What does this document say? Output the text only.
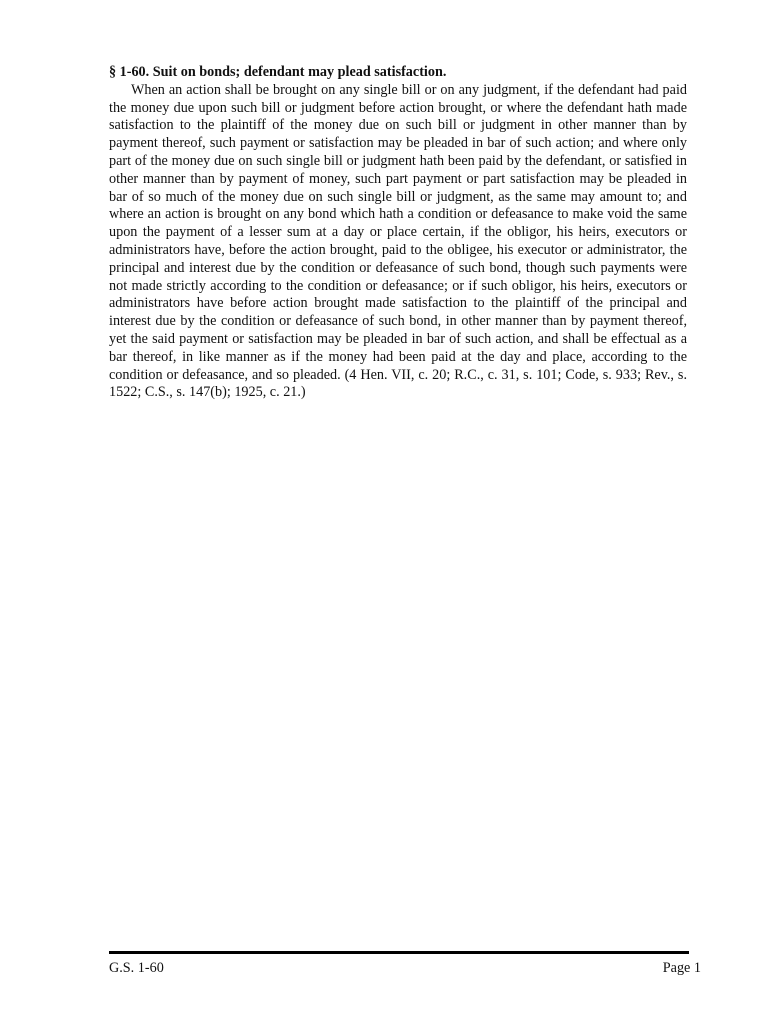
§ 1-60. Suit on bonds; defendant may plead satisfaction.

When an action shall be brought on any single bill or on any judgment, if the defendant had paid the money due upon such bill or judgment before action brought, or where the defendant hath made satisfaction to the plaintiff of the money due on such bill or judgment in other manner than by payment thereof, such payment or satisfaction may be pleaded in bar of such action; and where only part of the money due on such single bill or judgment hath been paid by the defendant, or satisfied in other manner than by payment of money, such part payment or part satisfaction may be pleaded in bar of so much of the money due on such single bill or judgment, as the same may amount to; and where an action is brought on any bond which hath a condition or defeasance to make void the same upon the payment of a lesser sum at a day or place certain, if the obligor, his heirs, executors or administrators have, before the action brought, paid to the obligee, his executor or administrator, the principal and interest due by the condition or defeasance of such bond, though such payments were not made strictly according to the condition or defeasance; or if such obligor, his heirs, executors or administrators have before action brought made satisfaction to the plaintiff of the principal and interest due by the condition or defeasance of such bond, in other manner than by payment thereof, yet the said payment or satisfaction may be pleaded in bar of such action, and shall be effectual as a bar thereof, in like manner as if the money had been paid at the day and place, according to the condition or defeasance, and so pleaded. (4 Hen. VII, c. 20; R.C., c. 31, s. 101; Code, s. 933; Rev., s. 1522; C.S., s. 147(b); 1925, c. 21.)

G.S. 1-60	Page 1
